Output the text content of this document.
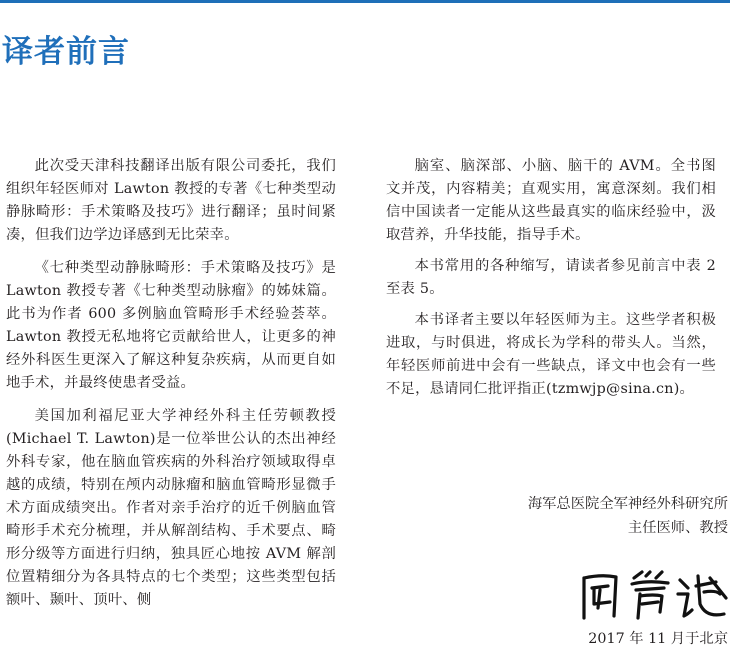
译者前言

此次受天津科技翻译出版有限公司委托，我们组织年轻医师对 Lawton 教授的专著《七种类型动静脉畸形：手术策略及技巧》进行翻译；虽时间紧凑，但我们边学边译感到无比荣幸。

《七种类型动静脉畸形：手术策略及技巧》是 Lawton 教授专著《七种类型动脉瘤》的姊妹篇。此书为作者 600 多例脑血管畸形手术经验荟萃。Lawton 教授无私地将它贡献给世人，让更多的神经外科医生更深入了解这种复杂疾病，从而更自如地手术，并最终使患者受益。

美国加利福尼亚大学神经外科主任劳顿教授(Michael T. Lawton)是一位举世公认的杰出神经外科专家，他在脑血管疾病的外科治疗领域取得卓越的成绩，特别在颅内动脉瘤和脑血管畸形显微手术方面成绩突出。作者对亲手治疗的近千例脑血管畸形手术充分梳理，并从解剖结构、手术要点、畸形分级等方面进行归纳，独具匠心地按 AVM 解剖位置精细分为各具特点的七个类型；这些类型包括额叶、颞叶、顶叶、侧

脑室、脑深部、小脑、脑干的 AVM。全书图文并茂，内容精美；直观实用，寓意深刻。我们相信中国读者一定能从这些最真实的临床经验中，汲取营养，升华技能，指导手术。

本书常用的各种缩写，请读者参见前言中表 2 至表 5。

本书译者主要以年轻医师为主。这些学者积极进取，与时俱进，将成长为学科的带头人。当然，年轻医师前进中会有一些缺点，译文中也会有一些不足，恳请同仁批评指正(tzmwjp@sina.cn)。

海军总医院全军神经外科研究所
主任医师、教授
2017 年 11 月于北京
